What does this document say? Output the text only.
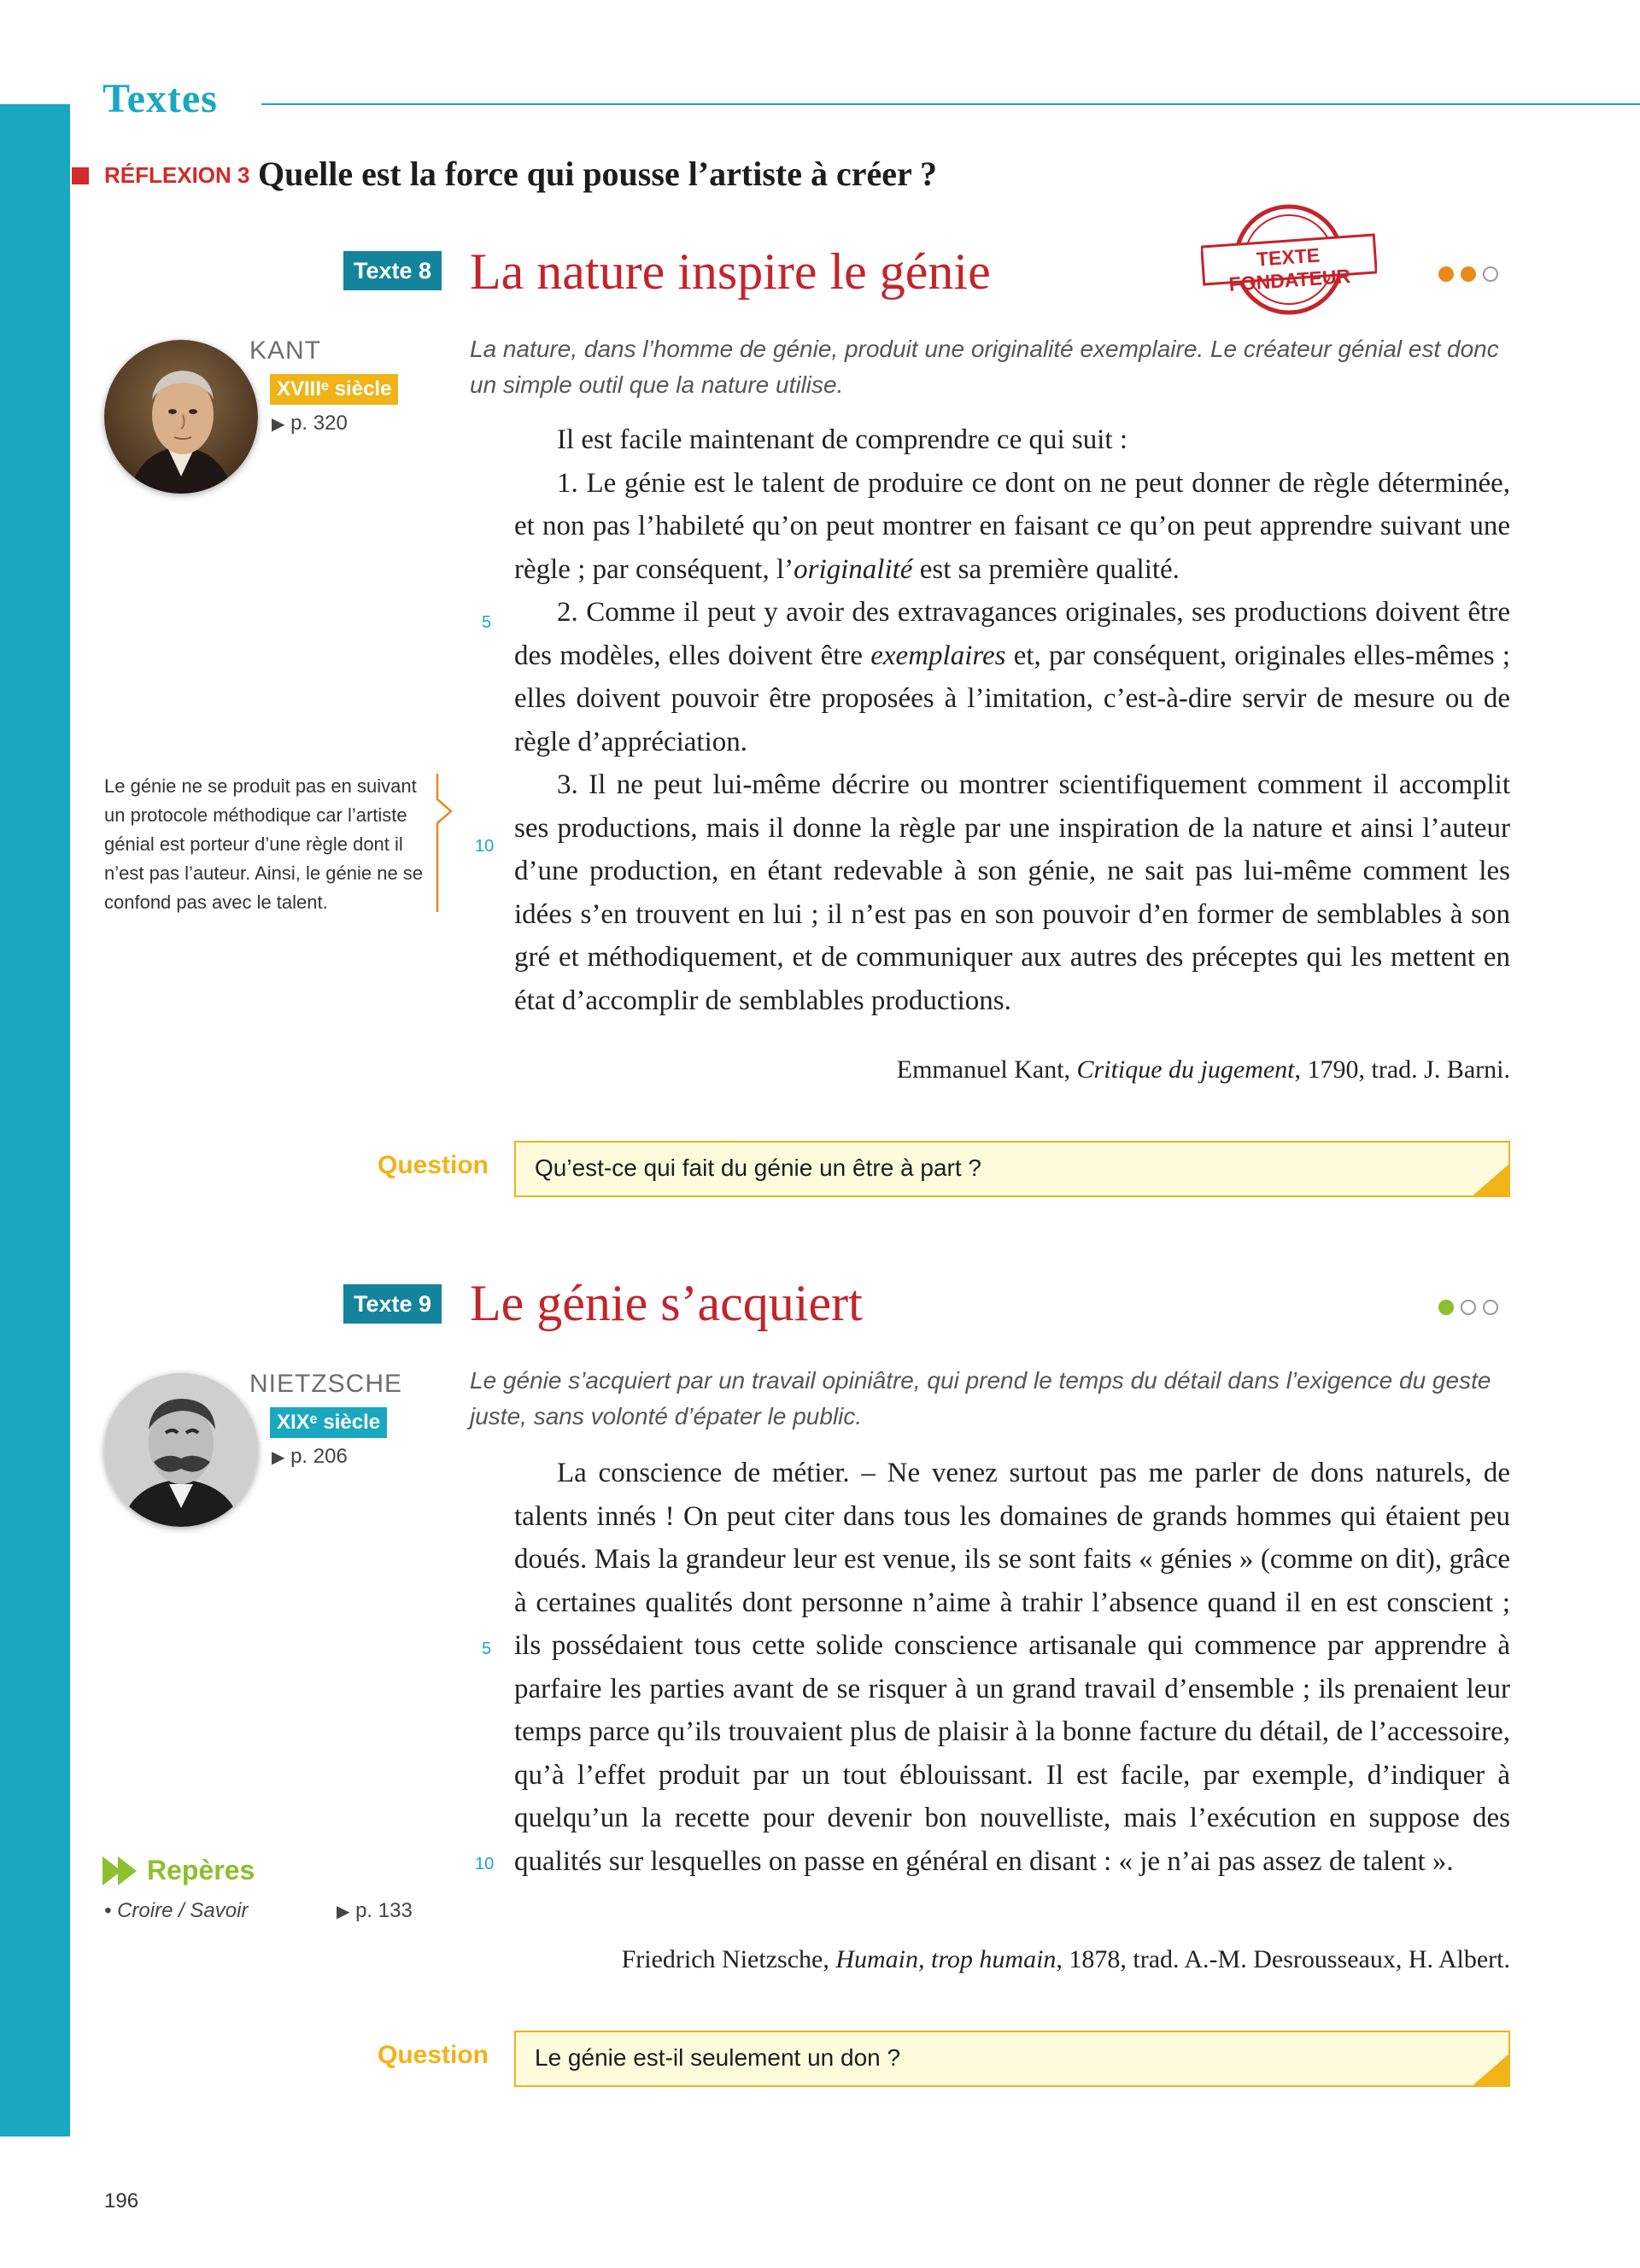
Textes
RÉFLEXION 3 Quelle est la force qui pousse l’artiste à créer ?
Texte 8 La nature inspire le génie	TEXTE FONDATEUR
KANT
XVIIIᵉ siècle
▶ p. 320
La nature, dans l’homme de génie, produit une originalité exemplaire. Le créateur génial est donc un simple outil que la nature utilise.

Il est facile maintenant de comprendre ce qui suit :

1. Le génie est le talent de produire ce dont on ne peut donner de règle déterminée, et non pas l’habileté qu’on peut montrer en faisant ce qu’on peut apprendre suivant une règle ; par conséquent, l’originalité est sa première qualité.

2. Comme il peut y avoir des extravagances originales, ses productions doivent être des modèles, elles doivent être exemplaires et, par conséquent, originales elles-mêmes ; elles doivent pouvoir être proposées à l’imitation, c’est-à-dire servir de mesure ou de règle d’appréciation.

3. Il ne peut lui-même décrire ou montrer scientifiquement comment il accomplit ses productions, mais il donne la règle par une inspiration de la nature et ainsi l’auteur d’une production, en étant redevable à son génie, ne sait pas lui-même comment les idées s’en trouvent en lui ; il n’est pas en son pouvoir d’en former de semblables à son gré et méthodiquement, et de communiquer aux autres des préceptes qui les mettent en état d’accomplir de semblables productions.

5
10
Le génie ne se produit pas en suivant un protocole méthodique car l’artiste génial est porteur d’une règle dont il n’est pas l’auteur. Ainsi, le génie ne se confond pas avec le talent.
Emmanuel Kant, Critique du jugement, 1790, trad. J. Barni.
Question Qu’est-ce qui fait du génie un être à part ?
Texte 9 Le génie s’acquiert
NIETZSCHE
XIXᵉ siècle
▶ p. 206
Le génie s’acquiert par un travail opiniâtre, qui prend le temps du détail dans l’exigence du geste juste, sans volonté d’épater le public.

La conscience de métier. – Ne venez surtout pas me parler de dons naturels, de talents innés ! On peut citer dans tous les domaines de grands hommes qui étaient peu doués. Mais la grandeur leur est venue, ils se sont faits « génies » (comme on dit), grâce à certaines qualités dont personne n’aime à trahir l’absence quand il en est conscient ; ils possédaient tous cette solide conscience artisanale qui commence par apprendre à parfaire les parties avant de se risquer à un grand travail d’ensemble ; ils prenaient leur temps parce qu’ils trouvaient plus de plaisir à la bonne facture du détail, de l’accessoire, qu’à l’effet produit par un tout éblouissant. Il est facile, par exemple, d’indiquer à quelqu’un la recette pour devenir bon nouvelliste, mais l’exécution en suppose des qualités sur lesquelles on passe en général en disant : « je n’ai pas assez de talent ».

5
10
Friedrich Nietzsche, Humain, trop humain, 1878, trad. A.-M. Desrousseaux, H. Albert.
Repères
• Croire / Savoir	▶ p. 133
Question Le génie est-il seulement un don ?
196
